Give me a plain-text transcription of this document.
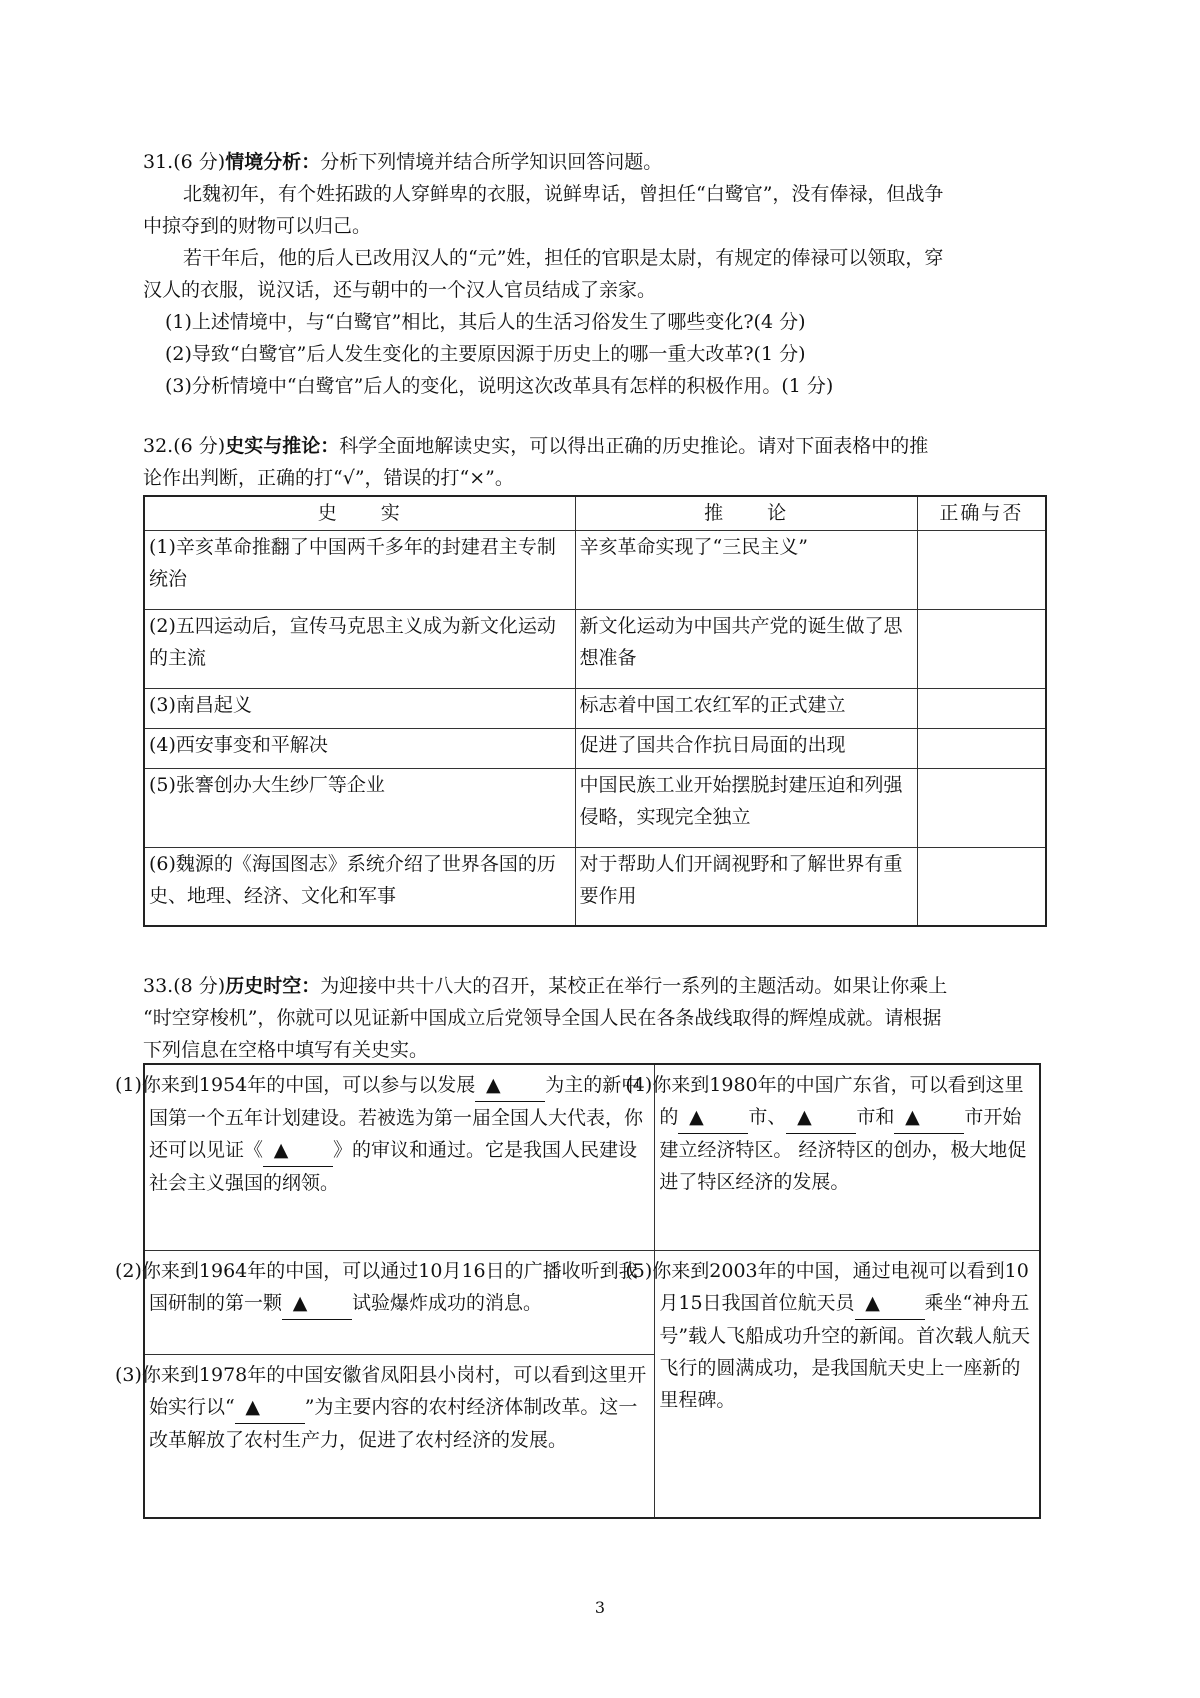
31.(6 分)情境分析：分析下列情境并结合所学知识回答问题。
北魏初年，有个姓拓跋的人穿鲜卑的衣服，说鲜卑话，曾担任“白鹭官”，没有俸禄，但战争
中掠夺到的财物可以归己。
若干年后，他的后人已改用汉人的“元”姓，担任的官职是太尉，有规定的俸禄可以领取，穿
汉人的衣服，说汉话，还与朝中的一个汉人官员结成了亲家。
(1)上述情境中，与“白鹭官”相比，其后人的生活习俗发生了哪些变化?(4 分)
(2)导致“白鹭官”后人发生变化的主要原因源于历史上的哪一重大改革?(1 分)
(3)分析情境中“白鹭官”后人的变化，说明这次改革具有怎样的积极作用。(1 分)
32.(6 分)史实与推论：科学全面地解读史实，可以得出正确的历史推论。请对下面表格中的推
论作出判断，正确的打“√”，错误的打“×”。
史　　实	推　　论	正确与否
(1)辛亥革命推翻了中国两千多年的封建君主专制统治	辛亥革命实现了“三民主义”	
(2)五四运动后，宣传马克思主义成为新文化运动的主流	新文化运动为中国共产党的诞生做了思想准备	
(3)南昌起义	标志着中国工农红军的正式建立	
(4)西安事变和平解决	促进了国共合作抗日局面的出现	
(5)张謇创办大生纱厂等企业	中国民族工业开始摆脱封建压迫和列强侵略，实现完全独立	
(6)魏源的《海国图志》系统介绍了世界各国的历史、地理、经济、文化和军事	对于帮助人们开阔视野和了解世界有重要作用	
33.(8 分)历史时空：为迎接中共十八大的召开，某校正在举行一系列的主题活动。如果让你乘上
“时空穿梭机”，你就可以见证新中国成立后党领导全国人民在各条战线取得的辉煌成就。请根据
下列信息在空格中填写有关史实。
(1)你来到1954年的中国，可以参与以发展 ▲ 为主的新中国第一个五年计划建设。若被选为第一届全国人大代表，你还可以见证《 ▲ 》的审议和通过。它是我国人民建设社会主义强国的纲领。	(4)你来到1980年的中国广东省，可以看到这里的 ▲ 市、 ▲ 市和 ▲ 市开始建立经济特区。 经济特区的创办，极大地促进了特区经济的发展。
(2)你来到1964年的中国，可以通过10月16日的广播收听到我国研制的第一颗 ▲ 试验爆炸成功的消息。	(5)你来到2003年的中国，通过电视可以看到10月15日我国首位航天员 ▲ 乘坐“神舟五号”载人飞船成功升空的新闻。首次载人航天飞行的圆满成功，是我国航天史上一座新的里程碑。
(3)你来到1978年的中国安徽省凤阳县小岗村，可以看到这里开始实行以“ ▲ ”为主要内容的农村经济体制改革。这一改革解放了农村生产力，促进了农村经济的发展。	
3
